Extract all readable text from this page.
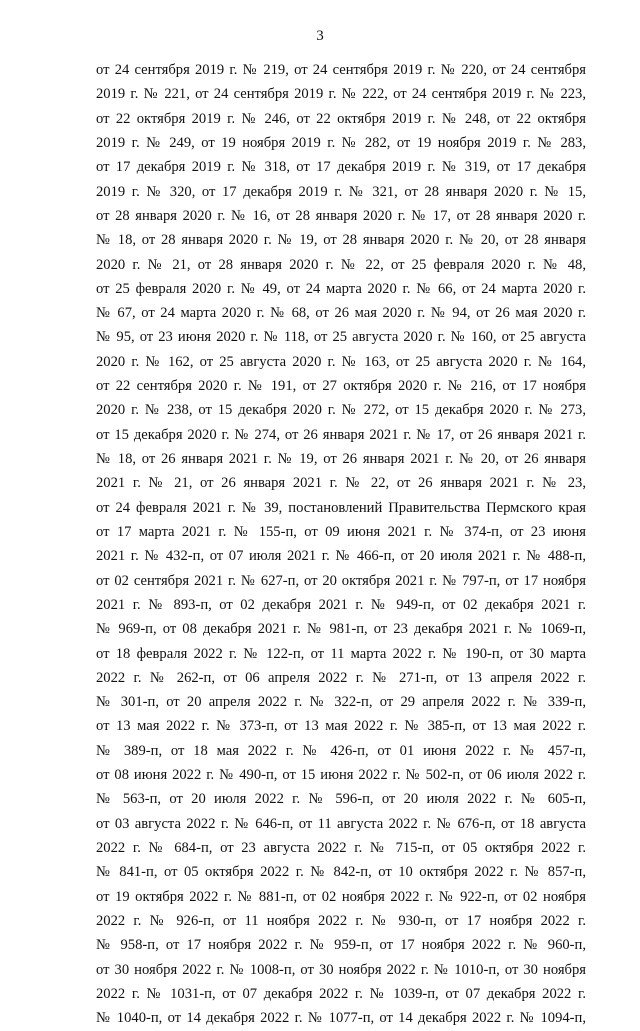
3
от 24 сентября 2019 г. № 219, от 24 сентября 2019 г. № 220, от 24 сентября
2019 г. № 221, от 24 сентября 2019 г. № 222, от 24 сентября 2019 г. № 223,
от 22 октября 2019 г. № 246, от 22 октября 2019 г. № 248, от 22 октября
2019 г. № 249, от 19 ноября 2019 г. № 282, от 19 ноября 2019 г. № 283,
от 17 декабря 2019 г. № 318, от 17 декабря 2019 г. № 319, от 17 декабря
2019 г. № 320, от 17 декабря 2019 г. № 321, от 28 января 2020 г. № 15,
от 28 января 2020 г. № 16, от 28 января 2020 г. № 17, от 28 января 2020 г.
№ 18, от 28 января 2020 г. № 19, от 28 января 2020 г. № 20, от 28 января
2020 г. № 21, от 28 января 2020 г. № 22, от 25 февраля 2020 г. № 48,
от 25 февраля 2020 г. № 49, от 24 марта 2020 г. № 66, от 24 марта 2020 г.
№ 67, от 24 марта 2020 г. № 68, от 26 мая 2020 г. № 94, от 26 мая 2020 г.
№ 95, от 23 июня 2020 г. № 118, от 25 августа 2020 г. № 160, от 25 августа
2020 г. № 162, от 25 августа 2020 г. № 163, от 25 августа 2020 г. № 164,
от 22 сентября 2020 г. № 191, от 27 октября 2020 г. № 216, от 17 ноября
2020 г. № 238, от 15 декабря 2020 г. № 272, от 15 декабря 2020 г. № 273,
от 15 декабря 2020 г. № 274, от 26 января 2021 г. № 17, от 26 января 2021 г.
№ 18, от 26 января 2021 г. № 19, от 26 января 2021 г. № 20, от 26 января
2021 г. № 21, от 26 января 2021 г. № 22, от 26 января 2021 г. № 23,
от 24 февраля 2021 г. № 39, постановлений Правительства Пермского края
от 17 марта 2021 г. № 155-п, от 09 июня 2021 г. № 374-п, от 23 июня
2021 г. № 432-п, от 07 июля 2021 г. № 466-п, от 20 июля 2021 г. № 488-п,
от 02 сентября 2021 г. № 627-п, от 20 октября 2021 г. № 797-п, от 17 ноября
2021 г. № 893-п, от 02 декабря 2021 г. № 949-п, от 02 декабря 2021 г.
№ 969-п, от 08 декабря 2021 г. № 981-п, от 23 декабря 2021 г. № 1069-п,
от 18 февраля 2022 г. № 122-п, от 11 марта 2022 г. № 190-п, от 30 марта
2022 г. № 262-п, от 06 апреля 2022 г. № 271-п, от 13 апреля 2022 г.
№ 301-п, от 20 апреля 2022 г. № 322-п, от 29 апреля 2022 г. № 339-п,
от 13 мая 2022 г. № 373-п, от 13 мая 2022 г. № 385-п, от 13 мая 2022 г.
№ 389-п, от 18 мая 2022 г. № 426-п, от 01 июня 2022 г. № 457-п,
от 08 июня 2022 г. № 490-п, от 15 июня 2022 г. № 502-п, от 06 июля 2022 г.
№ 563-п, от 20 июля 2022 г. № 596-п, от 20 июля 2022 г. № 605-п,
от 03 августа 2022 г. № 646-п, от 11 августа 2022 г. № 676-п, от 18 августа
2022 г. № 684-п, от 23 августа 2022 г. № 715-п, от 05 октября 2022 г.
№ 841-п, от 05 октября 2022 г. № 842-п, от 10 октября 2022 г. № 857-п,
от 19 октября 2022 г. № 881-п, от 02 ноября 2022 г. № 922-п, от 02 ноября
2022 г. № 926-п, от 11 ноября 2022 г. № 930-п, от 17 ноября 2022 г.
№ 958-п, от 17 ноября 2022 г. № 959-п, от 17 ноября 2022 г. № 960-п,
от 30 ноября 2022 г. № 1008-п, от 30 ноября 2022 г. № 1010-п, от 30 ноября
2022 г. № 1031-п, от 07 декабря 2022 г. № 1039-п, от 07 декабря 2022 г.
№ 1040-п, от 14 декабря 2022 г. № 1077-п, от 14 декабря 2022 г. № 1094-п,
